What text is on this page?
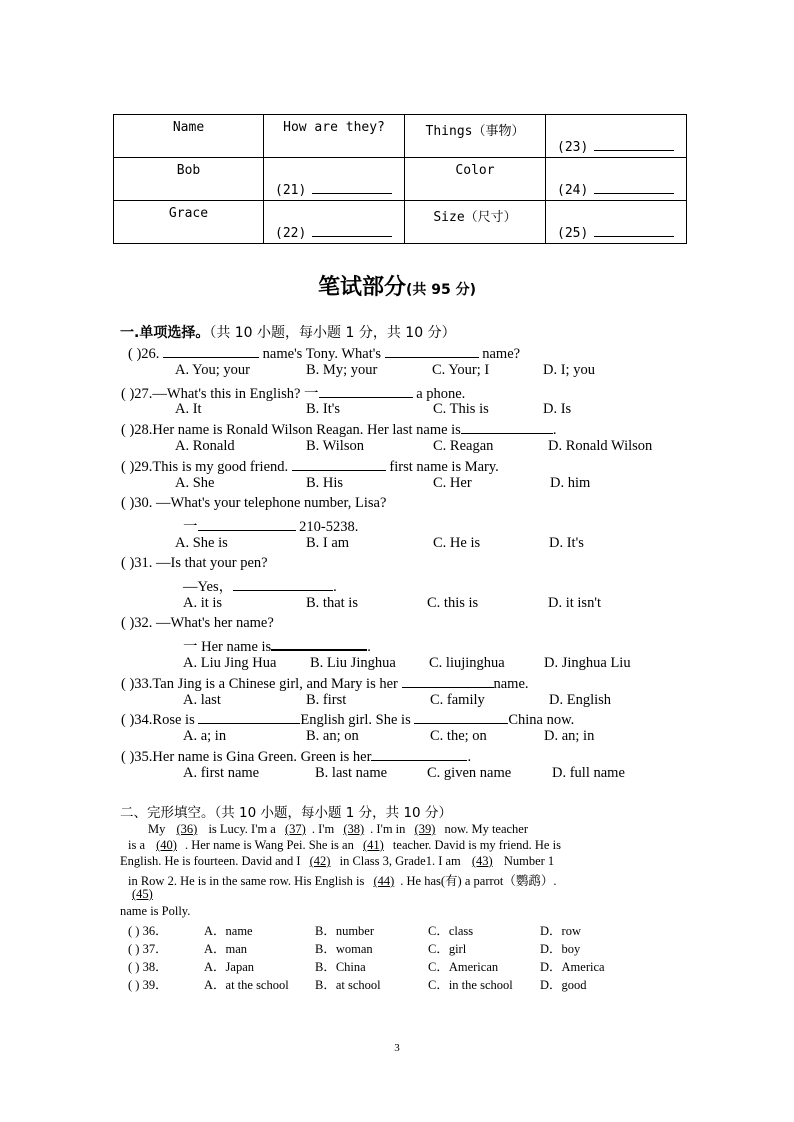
Name	How are they?	Things（事物）	(23)

Bob	(21)	Color	(24)

Grace	(22)	Size（尺寸）	(25)
笔试部分(共 95 分)
一.单项选择。（共 10 小题，每小题 1 分，共 10 分）
( )26.	name's Tony. What's	name?
A. You; your	B. My; your	C. Your; I	D. I; you
( )27.—What's this in English? 一	a phone.
A. It	B. It's	C. This is	D. Is
( )28.Her name is Ronald Wilson Reagan. Her last name is	.
A. Ronald	B. Wilson	C. Reagan	D. Ronald Wilson
( )29.This is my good friend.	first name is Mary.
A. She	B. His	C. Her	D. him
( )30. —What's your telephone number, Lisa?
一	210-5238.
A. She is	B. I am	C. He is	D. It's
( )31. —Is that your pen?
—Yes，	.
A. it is	B. that is	C. this is	D. it isn't
( )32. —What's her name?
一 Her name is	.
A. Liu Jing Hua B. Liu Jinghua C. liujinghua	D. Jinghua Liu
( )33.Tan Jing is a Chinese girl, and Mary is her	name.
A. last	B. first	C. family	D. English
( )34.Rose is	English girl. She is	China now.
A. a; in	B. an; on	C. the; on	D. an; in
( )35.Her name is Gina Green. Green is her	.
A. first name	B. last name	C. given name	D. full name
二、完形填空。（共 10 小题，每小题 1 分，共 10 分）
My (36) is Lucy. I'm a (37) . I'm (38) . I'm in (39) now. My teacher
is a (40) . Her name is Wang Pei. She is an (41) teacher. David is my friend. He is
English. He is fourteen. David and I (42) in Class 3, Grade1. I am (43) Number 1
in Row 2. He is in the same row. His English is (44) . He has(有) a parrot（鹦鹉）.
(45)
name is Polly.
( ) 36．	A．name	B．number	C．class	D．row
( ) 37．	A．man	B．woman	C．girl	D．boy
( ) 38．	A．Japan	B．China	C．American	D．America
( ) 39．	A．at the school B．at school	C．in the school D．good
3
